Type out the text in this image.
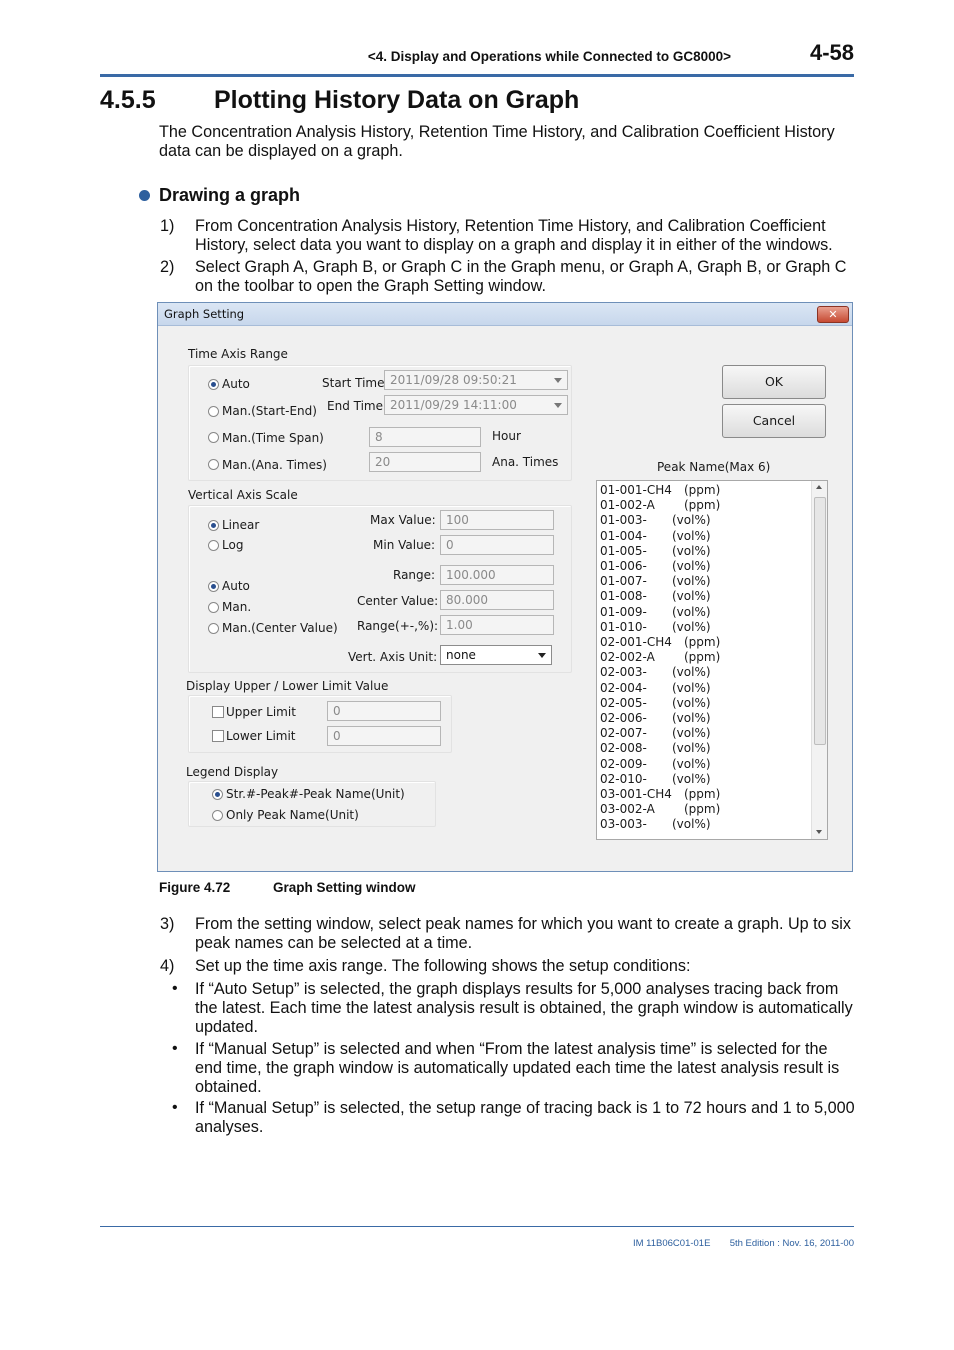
<4. Display and Operations while Connected to GC8000>	4-58
4.5.5 Plotting History Data on Graph
The Concentration Analysis History, Retention Time History, and Calibration Coefficient History data can be displayed on a graph.
Drawing a graph
1) From Concentration Analysis History, Retention Time History, and Calibration Coefficient History, select data you want to display on a graph and display it in either of the windows.
2) Select Graph A, Graph B, or Graph C in the Graph menu, or Graph A, Graph B, or Graph C on the toolbar to open the Graph Setting window.
Graph Setting	✕
Time Axis Range
Auto
Man.(Start-End)
Man.(Time Span)
Man.(Ana. Times)
Start Time 2011/09/28 09:50:21
End Time 2011/09/29 14:11:00
8	Hour
20	Ana. Times
OK
Cancel
Vertical Axis Scale
Linear
Log
Auto
Man.
Man.(Center Value)
Max Value: 100
Min Value: 0
Range: 100.000
Center Value: 80.000
Range(+-,%): 1.00
Vert. Axis Unit: none
Display Upper / Lower Limit Value
Upper Limit	0
Lower Limit	0
Legend Display
Str.#-Peak#-Peak Name(Unit)
Only Peak Name(Unit)
Peak Name(Max 6)
01-001-CH4 (ppm)
01-002-A (ppm)
01-003- (vol%)
01-004- (vol%)
01-005- (vol%)
01-006- (vol%)
01-007- (vol%)
01-008- (vol%)
01-009- (vol%)
01-010- (vol%)
02-001-CH4 (ppm)
02-002-A (ppm)
02-003- (vol%)
02-004- (vol%)
02-005- (vol%)
02-006- (vol%)
02-007- (vol%)
02-008- (vol%)
02-009- (vol%)
02-010- (vol%)
03-001-CH4 (ppm)
03-002-A (ppm)
03-003- (vol%)
Figure 4.72	Graph Setting window
3) From the setting window, select peak names for which you want to create a graph. Up to six peak names can be selected at a time.
4) Set up the time axis range. The following shows the setup conditions:
• If “Auto Setup” is selected, the graph displays results for 5,000 analyses tracing back from the latest. Each time the latest analysis result is obtained, the graph window is automatically updated.
• If “Manual Setup” is selected and when “From the latest analysis time” is selected for the end time, the graph window is automatically updated each time the latest analysis result is obtained.
• If “Manual Setup” is selected, the setup range of tracing back is 1 to 72 hours and 1 to 5,000 analyses.
IM 11B06C01-01E 5th Edition : Nov. 16, 2011-00
